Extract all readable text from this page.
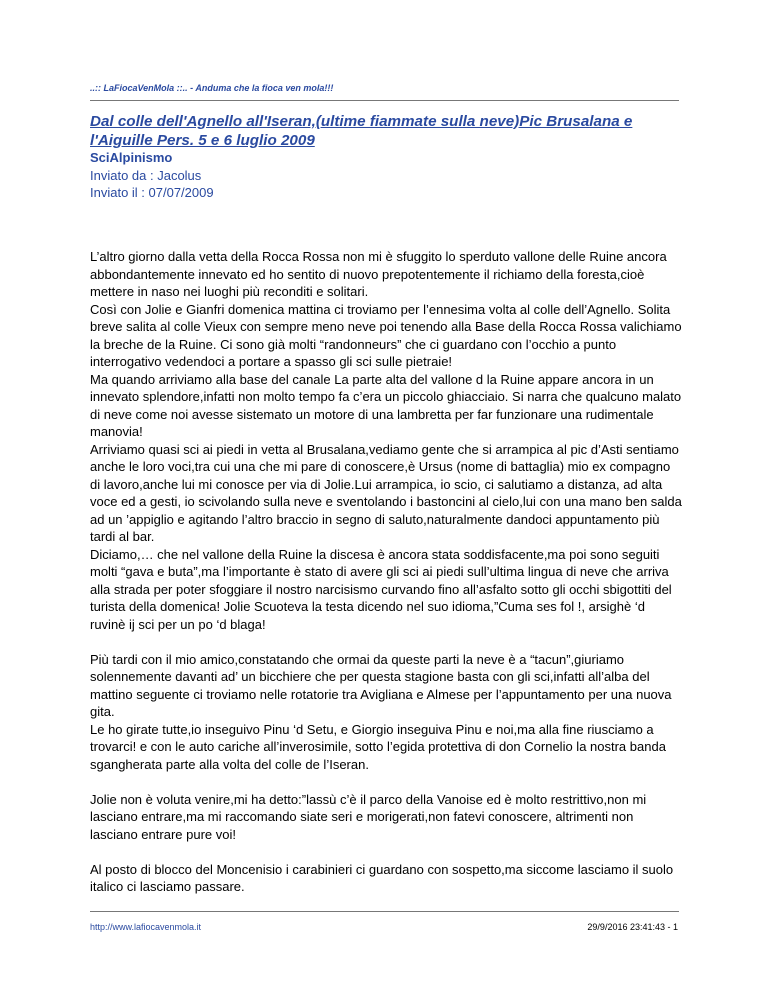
..:: LaFiocaVenMola ::.. - Anduma che la fioca ven mola!!!
Dal colle dell'Agnello all'Iseran,(ultime fiammate sulla neve)Pic Brusalana e l'Aiguille Pers. 5 e 6 luglio 2009
SciAlpinismo
Inviato da : Jacolus
Inviato il : 07/07/2009

L’altro giorno dalla vetta della Rocca Rossa non mi è sfuggito lo sperduto vallone delle Ruine ancora abbondantemente innevato ed ho sentito di nuovo prepotentemente il richiamo della foresta,cioè mettere in naso nei luoghi più reconditi e solitari.
Così con Jolie e Gianfri domenica mattina ci troviamo per l’ennesima volta al colle dell’Agnello. Solita breve salita al colle Vieux con sempre meno neve poi tenendo alla Base della Rocca Rossa valichiamo la breche de la Ruine. Ci sono già molti “randonneurs” che ci guardano con l’occhio a punto interrogativo vedendoci a portare a spasso gli sci sulle pietraie!
Ma quando arriviamo alla base del canale La parte alta del vallone d la Ruine appare ancora in un innevato splendore,infatti non molto tempo fa c’era un piccolo ghiacciaio. Si narra che qualcuno malato di neve come noi avesse sistemato un motore di una lambretta per far funzionare una rudimentale manovia!
Arriviamo quasi sci ai piedi in vetta al Brusalana,vediamo gente che si arrampica al pic d’Asti sentiamo anche le loro voci,tra cui una che mi pare di conoscere,è Ursus (nome di battaglia) mio ex compagno di lavoro,anche lui mi conosce per via di Jolie.Lui arrampica, io scio, ci salutiamo a distanza, ad alta voce ed a gesti, io scivolando sulla neve e sventolando i bastoncini al cielo,lui con una mano ben salda ad un ’appiglio e agitando l’altro braccio in segno di saluto,naturalmente dandoci appuntamento più tardi al bar.
Diciamo,… che nel vallone della Ruine la discesa è ancora stata soddisfacente,ma poi sono seguiti molti “gava e buta”,ma l’importante è stato di avere gli sci ai piedi sull’ultima lingua di neve che arriva alla strada per poter sfoggiare il nostro narcisismo curvando fino all’asfalto sotto gli occhi sbigottiti del turista della domenica! Jolie Scuoteva la testa dicendo nel suo idioma,”Cuma ses fol !, arsighè ‘d ruvinè ij sci per un po ‘d blaga!

Più tardi con il mio amico,constatando che ormai da queste parti la neve è a “tacun”,giuriamo solennemente davanti ad’ un bicchiere che per questa stagione basta con gli sci,infatti all’alba del mattino seguente ci troviamo nelle rotatorie tra Avigliana e Almese per l’appuntamento per una nuova gita.
Le ho girate tutte,io inseguivo Pinu ‘d Setu, e Giorgio inseguiva Pinu e noi,ma alla fine riusciamo a trovarci! e con le auto cariche all’inverosimile, sotto l’egida protettiva di don Cornelio la nostra banda sgangherata parte alla volta del colle de l’Iseran.

Jolie non è voluta venire,mi ha detto:”lassù c’è il parco della Vanoise ed è molto restrittivo,non mi lasciano entrare,ma mi raccomando siate seri e morigerati,non fatevi conoscere, altrimenti non lasciano entrare pure voi!

Al posto di blocco del Moncenisio i carabinieri ci guardano con sospetto,ma siccome lasciamo il suolo italico ci lasciamo passare.

http://www.lafiocavenmola.it	29/9/2016 23:41:43 - 1
